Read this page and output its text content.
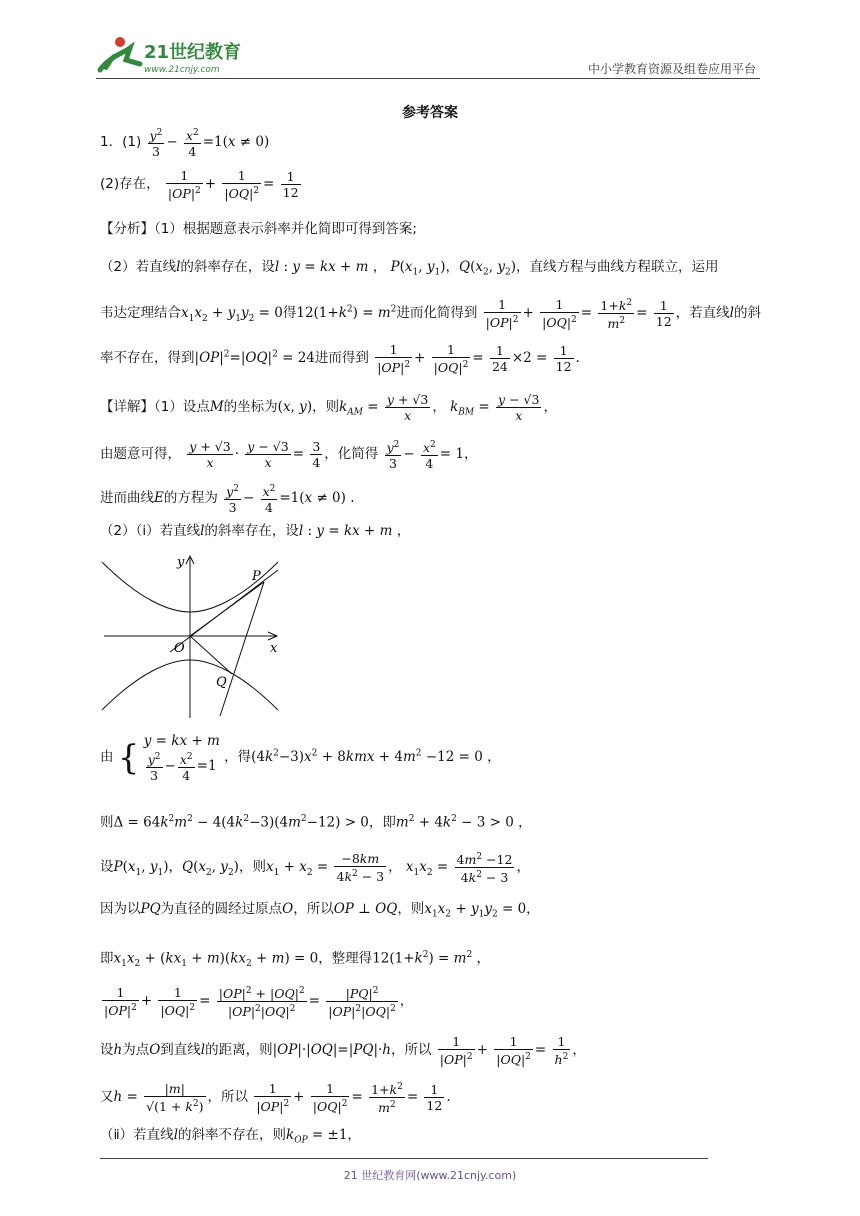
21世纪教育
www.21cnjy.com	中小学教育资源及组卷应用平台
参考答案
1．$(1) \frac{y^2}{3} - \frac{x^2}{4} =1(x \ne 0)$
(2)存在， $\frac{1}{|OP|^2} + \frac{1}{|OQ|^2} = \frac{1}{12}$
【分析】（1）根据题意表示斜率并化简即可得到答案;
（2）若直线l的斜率存在，设l : y = kx + m ， $P(x_1$, $y_1$)，$Q(x_2$, $y_2$)，直线方程与曲线方程联立，运用
韦达定理结合$x_1x_2 + y_1y_2 = 0$得$12(1+k^2) = m^2$进而化简得到 $\frac{1}{|OP|^2} + \frac{1}{|OQ|^2} = \frac{1+k^2}{m^2} = \frac{1}{12}$ ，若直线l的斜
率不存在，得到$|OP|^2=|OQ|^2 = 24$进而得到 $\frac{1}{|OP|^2} + \frac{1}{|OQ|^2} = \frac{1}{24} \times 2 = \frac{1}{12}$ .
【详解】（1）设点M的坐标为(x, y)，则$k_{AM} = \frac{y + √3}{x}$ ， $k_{BM} = \frac{y - √3}{x}$ ，
由题意可得， $\frac{y + √3}{x} \cdot \frac{y - √3}{x} = \frac{3}{4}$ ，化简得 $\frac{y^2}{3} - \frac{x^2}{4} = 1$，
进而曲线E的方程为 $\frac{y^2}{3} - \frac{x^2}{4} =1(x \ne 0)$ .
（2）（ⅰ）若直线l的斜率存在，设l : y = kx + m ，
y
x
O
P
Q
由 { y = kx + m
$\frac{y^2}{3} - \frac{x^2}{4} =1$
，得$(4k^2-3)x^2 + 8kmx + 4m^2 -12 = 0$ ，
则$\Delta = 64k^2m^2 - 4(4k^2-3)(4m^2-12) > 0$，即$m^2 + 4k^2 - 3 > 0$ ，
设$P(x_1$, $y_1$)，$Q(x_2$, $y_2$)，则$x_1 + x_2 = \frac{-8km}{4k^2 - 3}$ ， $x_1x_2 = \frac{4m^2 -12}{4k^2 - 3}$ ，
因为以PQ为直径的圆经过原点O，所以OP ⊥ OQ，则$x_1x_2 + y_1y_2 = 0$，
即$x_1x_2 + (kx_1 + m)(kx_2 + m) = 0$，整理得$12(1+k^2) = m^2$ ，
$\frac{1}{|OP|^2} + \frac{1}{|OQ|^2} = \frac{|OP|^2 + |OQ|^2}{|OP|^2|OQ|^2} = \frac{|PQ|^2}{|OP|^2|OQ|^2}$ ，
设h为点O到直线l的距离，则|OP|·|OQ|=|PQ|·h，所以 $\frac{1}{|OP|^2} + \frac{1}{|OQ|^2} = \frac{1}{h^2}$ ，
又$h = \frac{|m|}{√(1 + k^2)}$ ，所以 $\frac{1}{|OP|^2} + \frac{1}{|OQ|^2} = \frac{1+k^2}{m^2} = \frac{1}{12}$ .
（ⅱ）若直线l的斜率不存在，则$k_{OP} = \pm 1$，
21 世纪教育网(www.21cnjy.com)
